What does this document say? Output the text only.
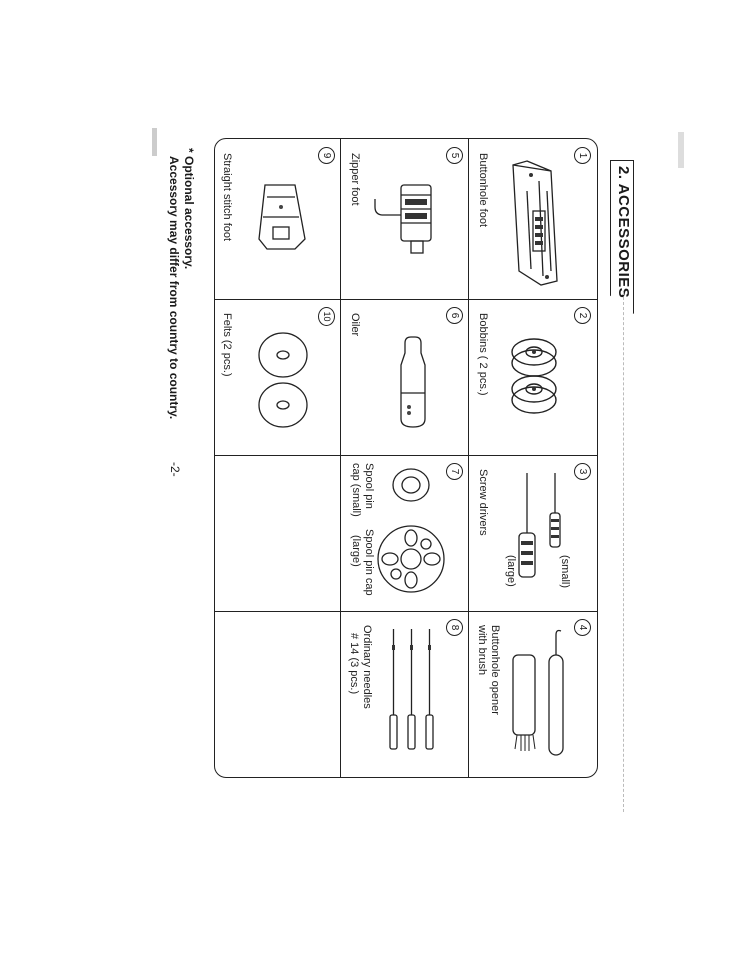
2. ACCESSORIES
1
Buttonhole foot
2
Bobbins ( 2 pcs.)
3
(small)
(large)
Screw drivers
4
Buttonhole opener
with brush
5
Zipper foot
6
Oiler
7
Spool pin
cap (small)
Spool pin cap
(large)
8
Ordinary needles
# 14 (3 pcs.)
9
Straight stitch foot
10
Felts (2 pcs.)
* Optional accessory.
Accessory may differ from country to country.
-2-
